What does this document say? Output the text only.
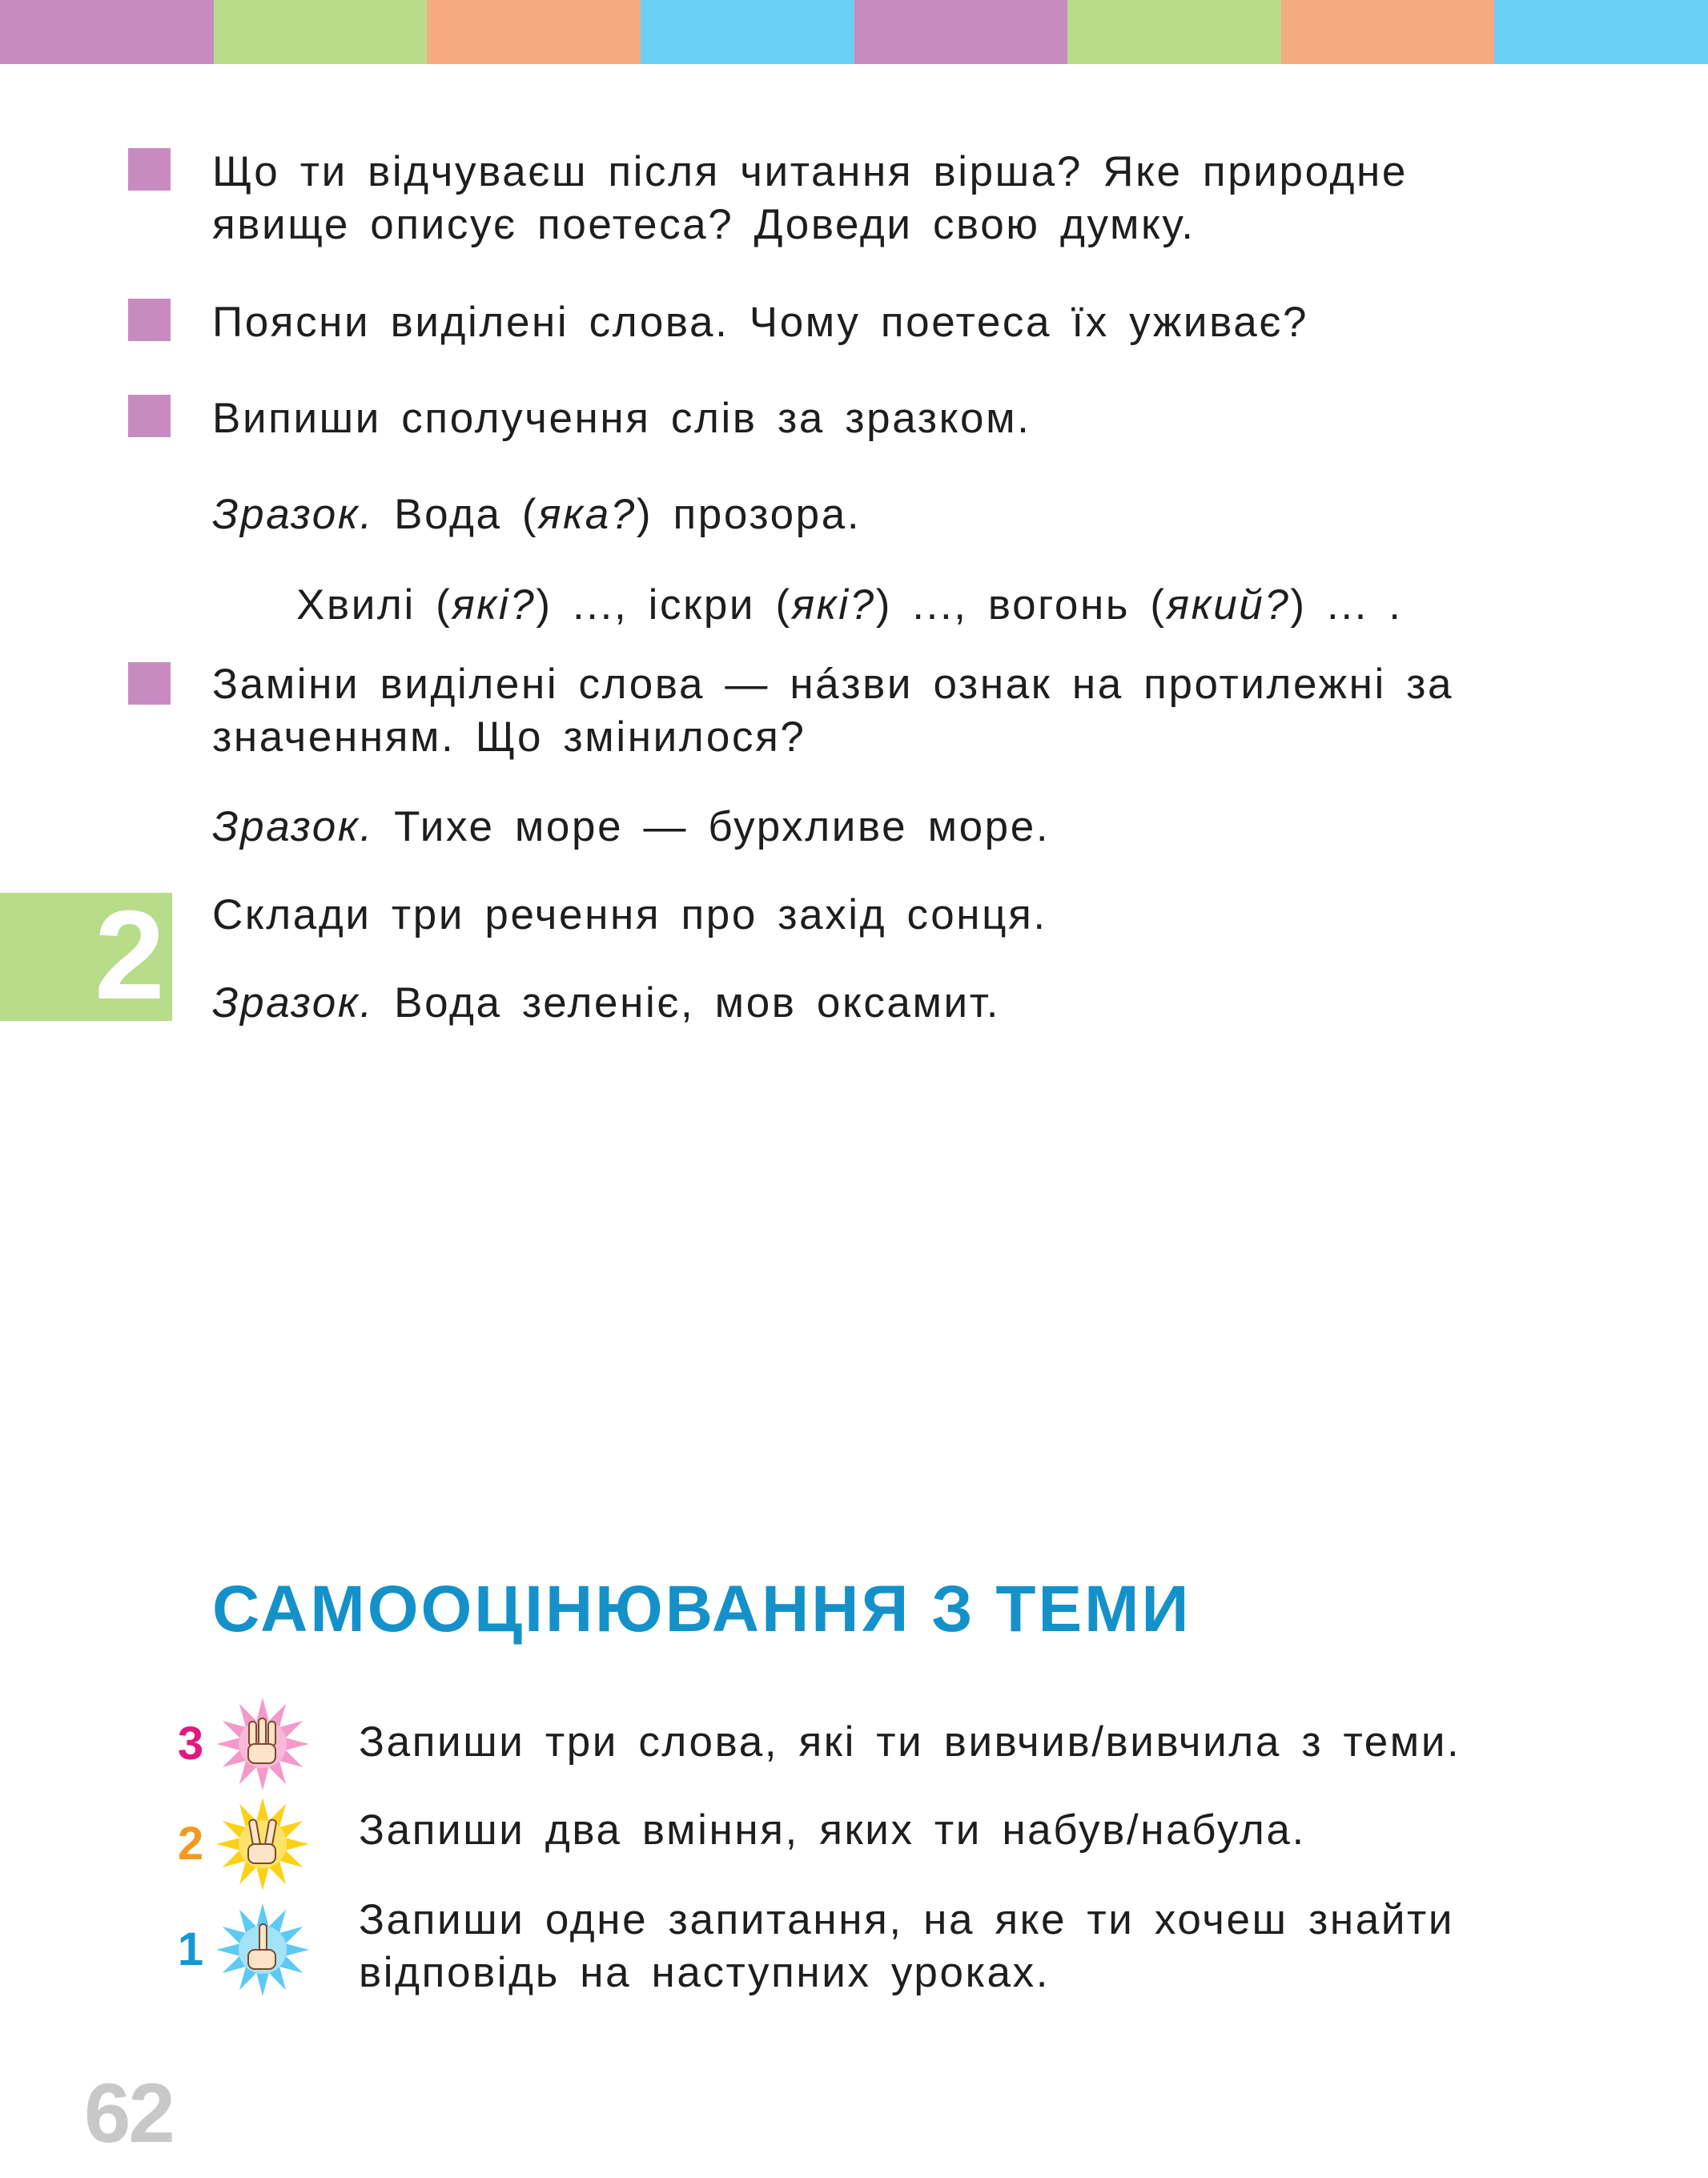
Що ти відчуваєш після читання вірша? Яке природне
явище описує поетеса? Доведи свою думку.
Поясни виділені слова. Чому поетеса їх уживає?
Випиши сполучення слів за зразком.
Зразок. Вода (яка?) прозора.
Хвилі (які?) ..., іскри (які?) ..., вогонь (який?) ... .
Заміни виділені слова — нáзви ознак на протилежні за
значенням. Що змінилося?
Зразок. Тихе море — бурхливе море.
2 Склади три речення про захід сонця.
Зразок. Вода зеленіє, мов оксамит.
САМООЦІНЮВАННЯ З ТЕМИ
3	Запиши три слова, які ти вивчив/вивчила з теми.
2	Запиши два вміння, яких ти набув/набула.
1
Запиши одне запитання, на яке ти хочеш знайти
відповідь на наступних уроках.
62
